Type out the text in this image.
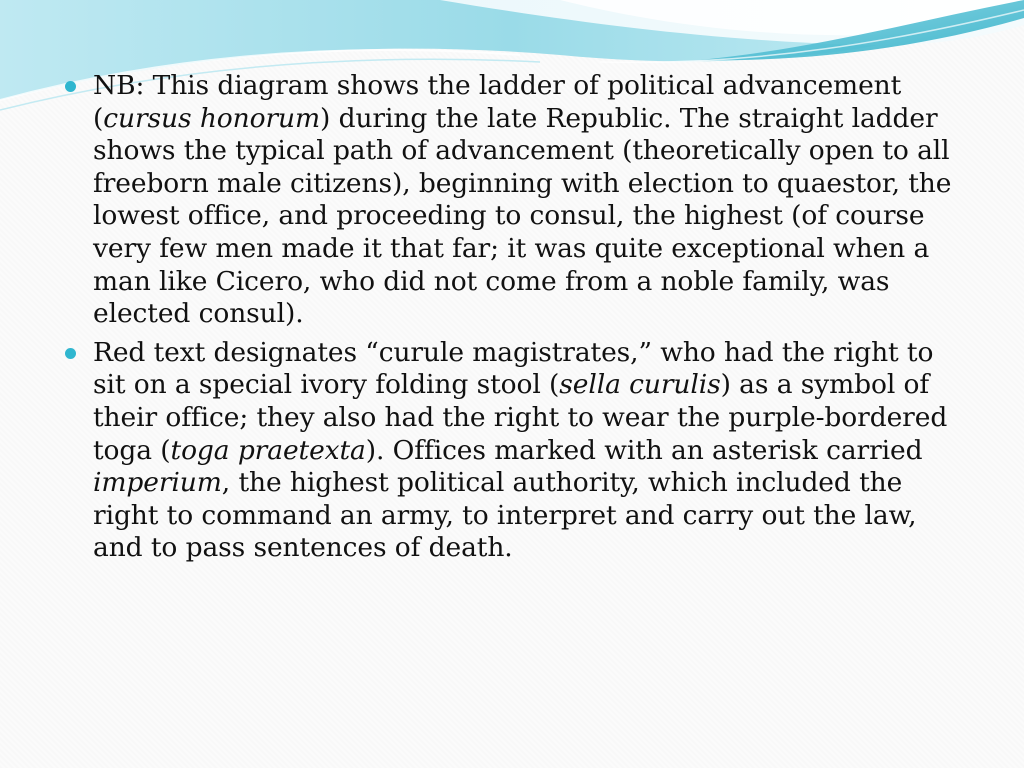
NB: This diagram shows the ladder of political advancement (cursus honorum) during the late Republic. The straight ladder shows the typical path of advancement (theoretically open to all freeborn male citizens), beginning with election to quaestor, the lowest office, and proceeding to consul, the highest (of course very few men made it that far; it was quite exceptional when a man like Cicero, who did not come from a noble family, was elected consul).
Red text designates “curule magistrates,” who had the right to sit on a special ivory folding stool (sella curulis) as a symbol of their office; they also had the right to wear the purple-bordered toga (toga praetexta). Offices marked with an asterisk carried imperium, the highest political authority, which included the right to command an army, to interpret and carry out the law, and to pass sentences of death.
